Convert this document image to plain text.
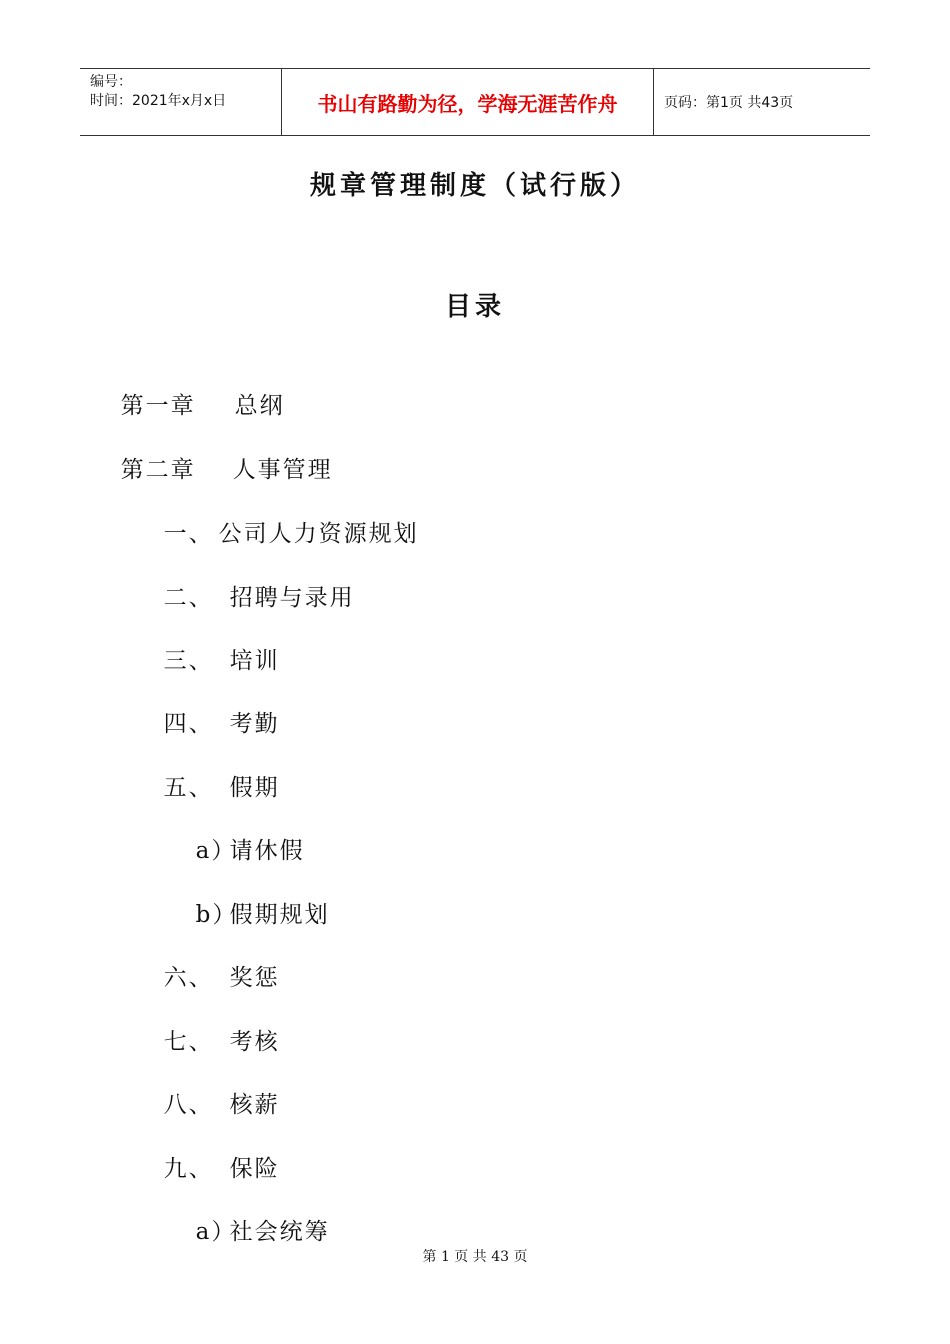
编号：
时间：2021年x月x日	书山有路勤为径，学海无涯苦作舟	页码：第1页 共43页
规章管理制度（试行版）
目录

第一章 总纲

第二章 人事管理

一、 公司人力资源规划

二、 招聘与录用

三、 培训

四、 考勤

五、 假期

a）请休假

b）假期规划

六、 奖惩

七、 考核

八、 核薪

九、 保险

a）社会统筹

第 1 页 共 43 页
